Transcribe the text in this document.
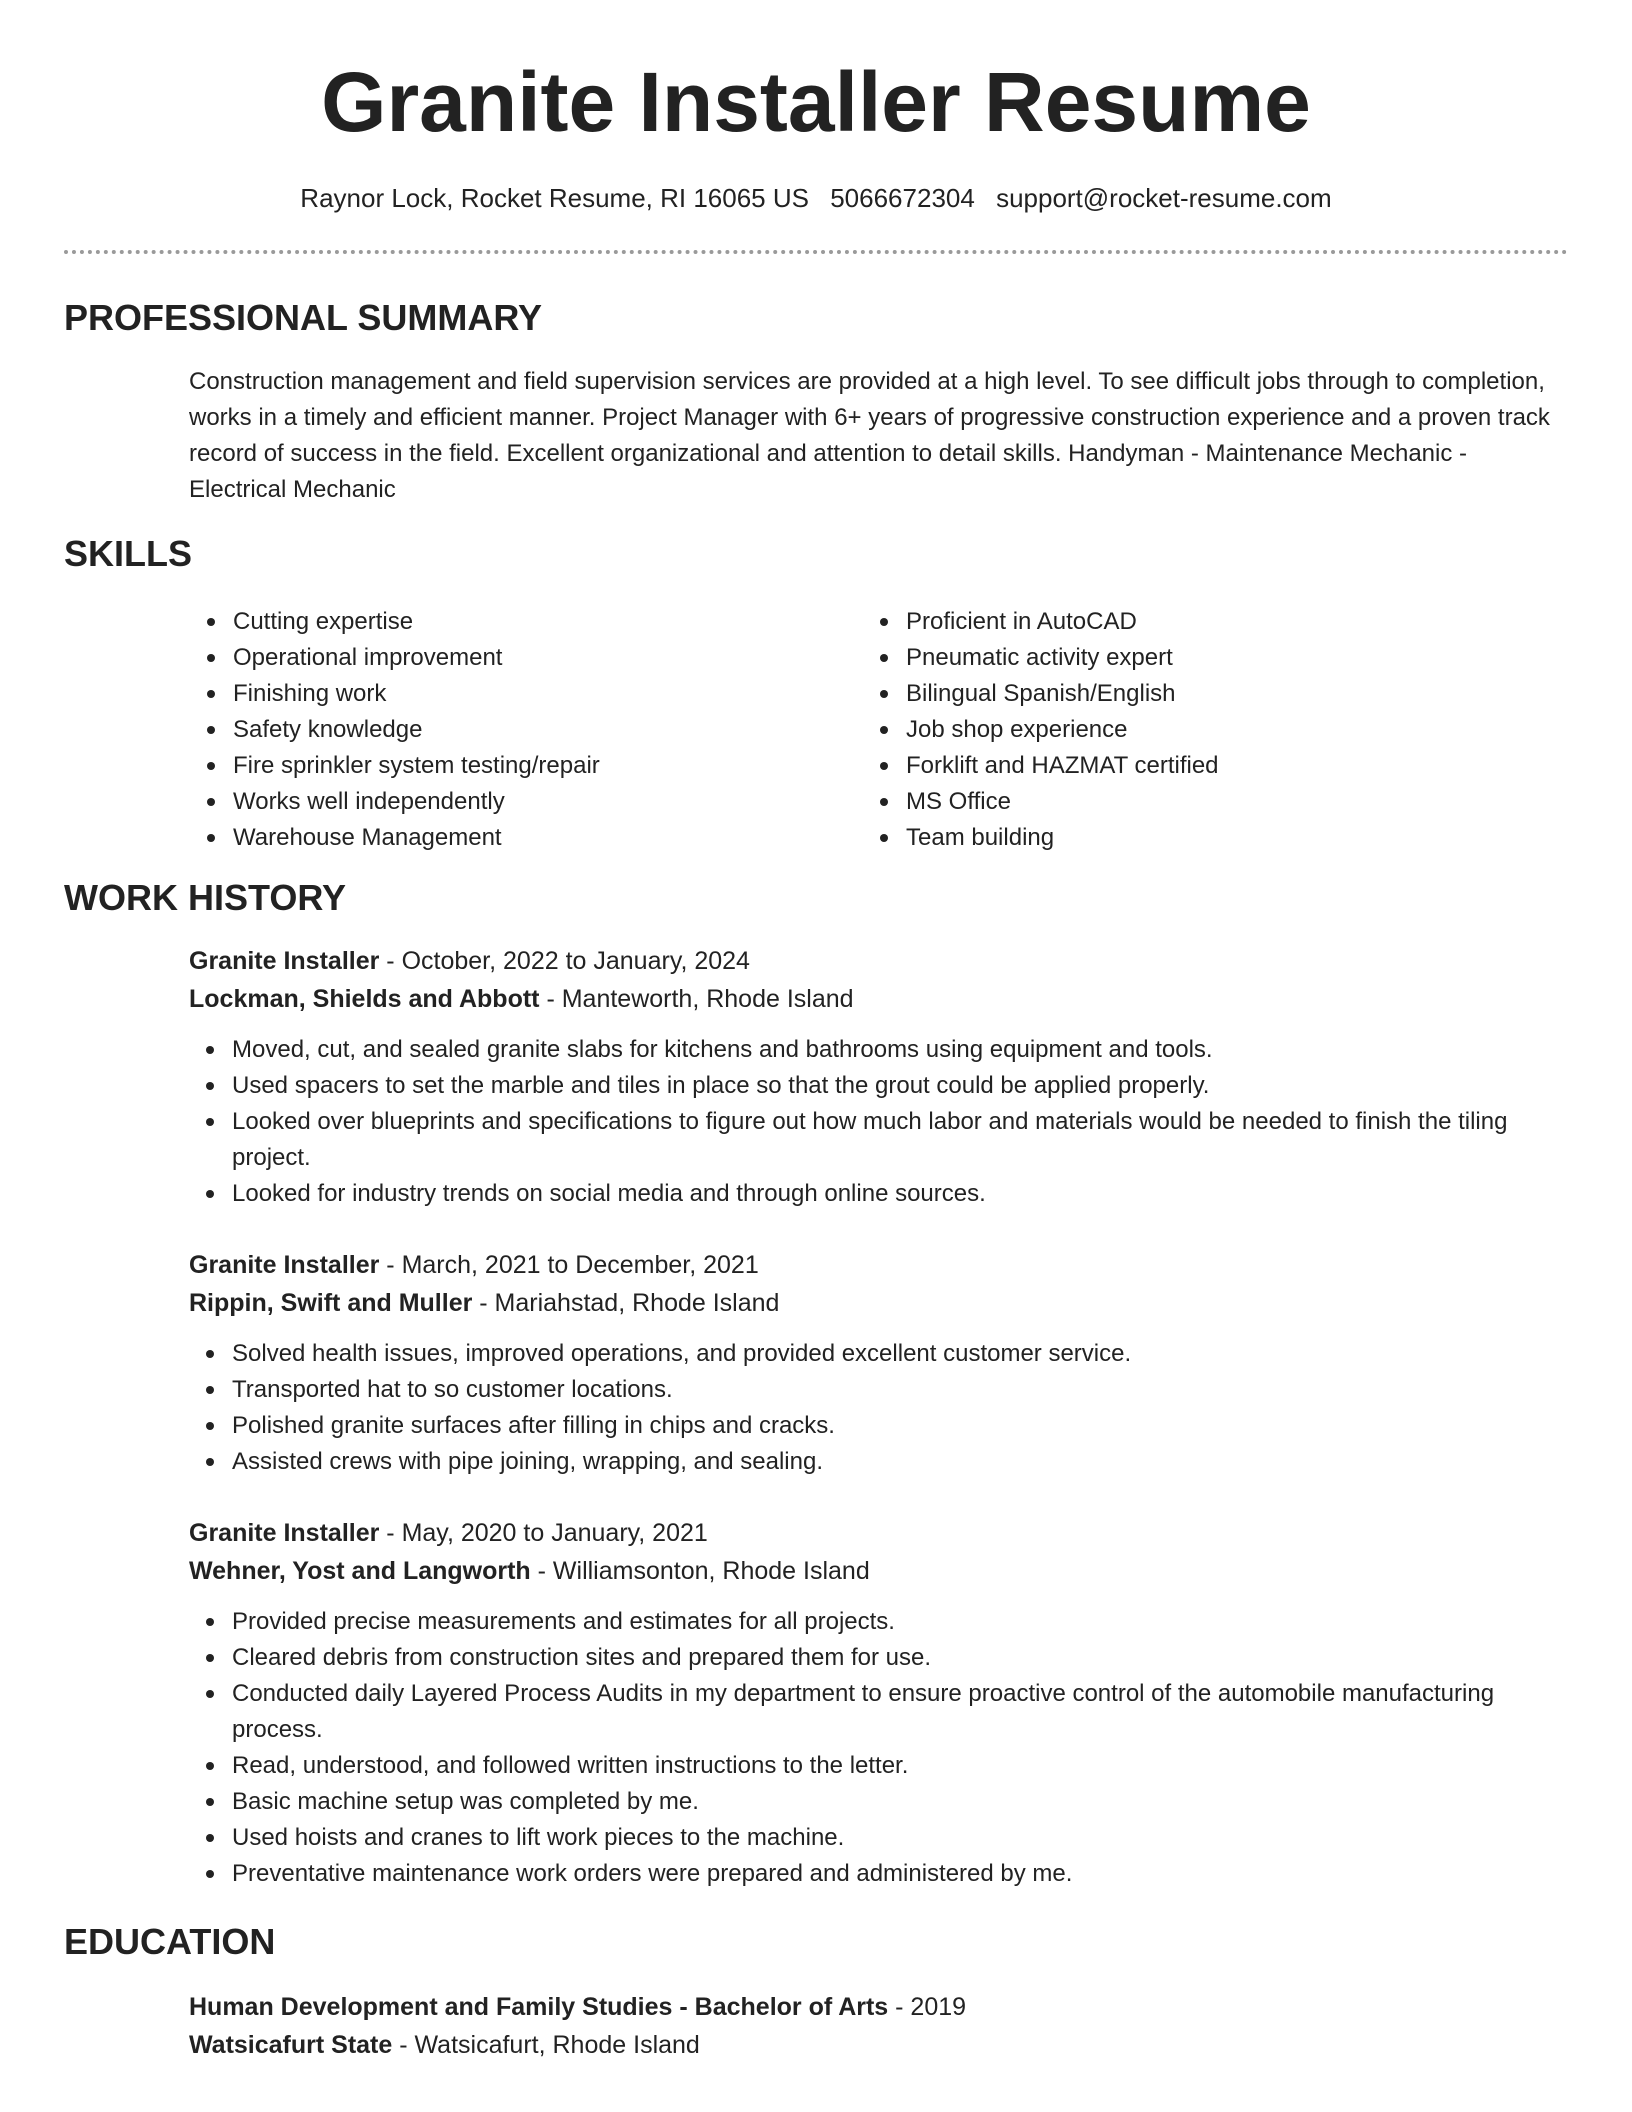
Granite Installer Resume
Raynor Lock, Rocket Resume, RI 16065 US 5066672304 support@rocket-resume.com
PROFESSIONAL SUMMARY

Construction management and field supervision services are provided at a high level. To see difficult jobs through to completion, works in a timely and efficient manner. Project Manager with 6+ years of progressive construction experience and a proven track record of success in the field. Excellent organizational and attention to detail skills. Handyman - Maintenance Mechanic - Electrical Mechanic

SKILLS
Cutting expertise
Operational improvement
Finishing work
Safety knowledge
Fire sprinkler system testing/repair
Works well independently
Warehouse Management
Proficient in AutoCAD
Pneumatic activity expert
Bilingual Spanish/English
Job shop experience
Forklift and HAZMAT certified
MS Office
Team building
WORK HISTORY
Granite Installer - October, 2022 to January, 2024
Lockman, Shields and Abbott - Manteworth, Rhode Island
Moved, cut, and sealed granite slabs for kitchens and bathrooms using equipment and tools.
Used spacers to set the marble and tiles in place so that the grout could be applied properly.
Looked over blueprints and specifications to figure out how much labor and materials would be needed to finish the tiling project.
Looked for industry trends on social media and through online sources.
Granite Installer - March, 2021 to December, 2021
Rippin, Swift and Muller - Mariahstad, Rhode Island
Solved health issues, improved operations, and provided excellent customer service.
Transported hat to so customer locations.
Polished granite surfaces after filling in chips and cracks.
Assisted crews with pipe joining, wrapping, and sealing.
Granite Installer - May, 2020 to January, 2021
Wehner, Yost and Langworth - Williamsonton, Rhode Island
Provided precise measurements and estimates for all projects.
Cleared debris from construction sites and prepared them for use.
Conducted daily Layered Process Audits in my department to ensure proactive control of the automobile manufacturing process.
Read, understood, and followed written instructions to the letter.
Basic machine setup was completed by me.
Used hoists and cranes to lift work pieces to the machine.
Preventative maintenance work orders were prepared and administered by me.
EDUCATION
Human Development and Family Studies - Bachelor of Arts - 2019
Watsicafurt State - Watsicafurt, Rhode Island
